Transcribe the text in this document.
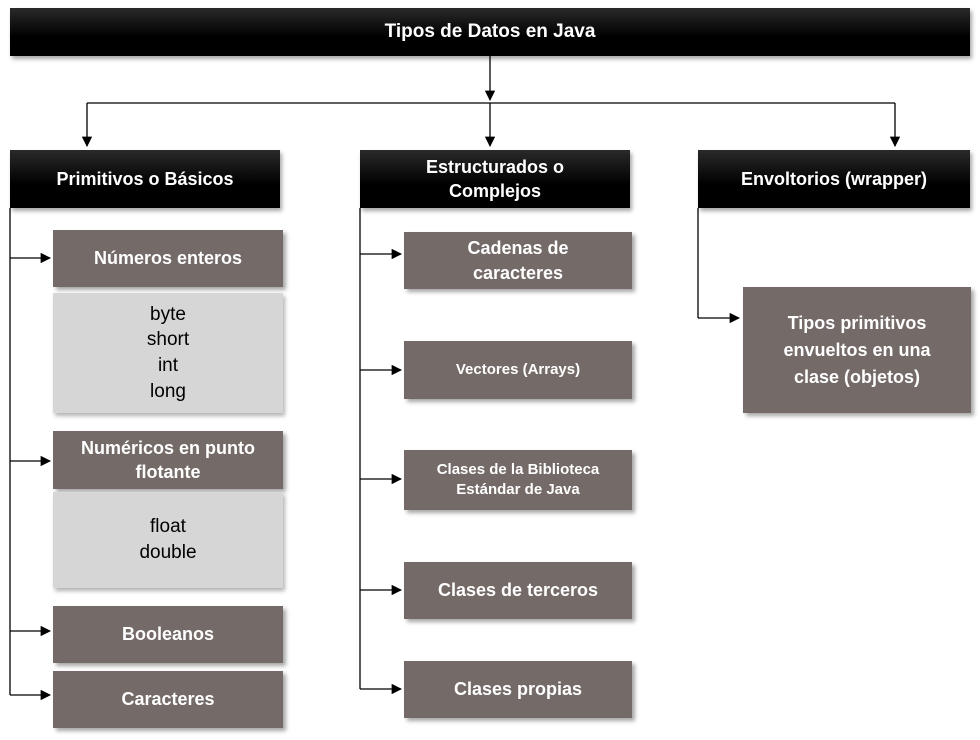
Tipos de Datos en Java
Primitivos o Básicos
Estructurados o Complejos
Envoltorios (wrapper)
Números enteros
byte
short
int
long
Numéricos en punto flotante
float
double
Booleanos
Caracteres
Cadenas de caracteres
Vectores (Arrays)
Clases de la Biblioteca Estándar de Java
Clases de terceros
Clases propias
Tipos primitivos envueltos en una clase (objetos)
